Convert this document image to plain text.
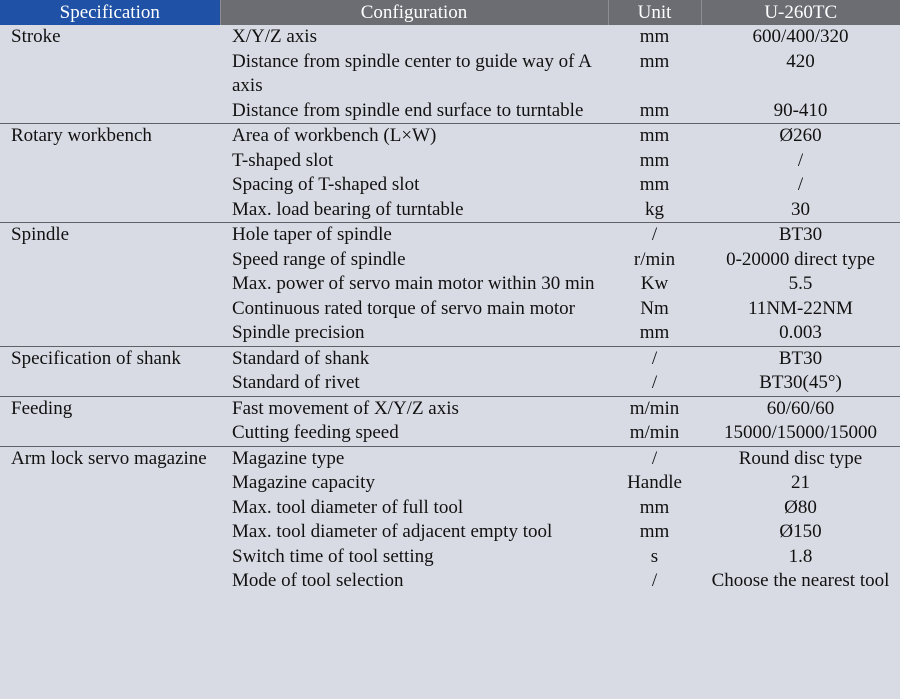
Specification	Configuration	Unit	U-260TC
Stroke	X/Y/Z axis	mm	600/400/320
	Distance from spindle center to guide way of A axis	mm	420
	Distance from spindle end surface to turntable	mm	90-410
Rotary workbench	Area of workbench (L×W)	mm	Ø260
	T-shaped slot	mm	/
	Spacing of T-shaped slot	mm	/
	Max. load bearing of turntable	kg	30
Spindle	Hole taper of spindle	/	BT30
	Speed range of spindle	r/min	0-20000 direct type
	Max. power of servo main motor within 30 min	Kw	5.5
	Continuous rated torque of servo main motor	Nm	11NM-22NM
	Spindle precision	mm	0.003
Specification of shank	Standard of shank	/	BT30
	Standard of rivet	/	BT30(45°)
Feeding	Fast movement of X/Y/Z axis	m/min	60/60/60
	Cutting feeding speed	m/min	15000/15000/15000
Arm lock servo magazine	Magazine type	/	Round disc type
	Magazine capacity	Handle	21
	Max. tool diameter of full tool	mm	Ø80
	Max. tool diameter of adjacent empty tool	mm	Ø150
	Switch time of tool setting	s	1.8
	Mode of tool selection	/	Choose the nearest tool
